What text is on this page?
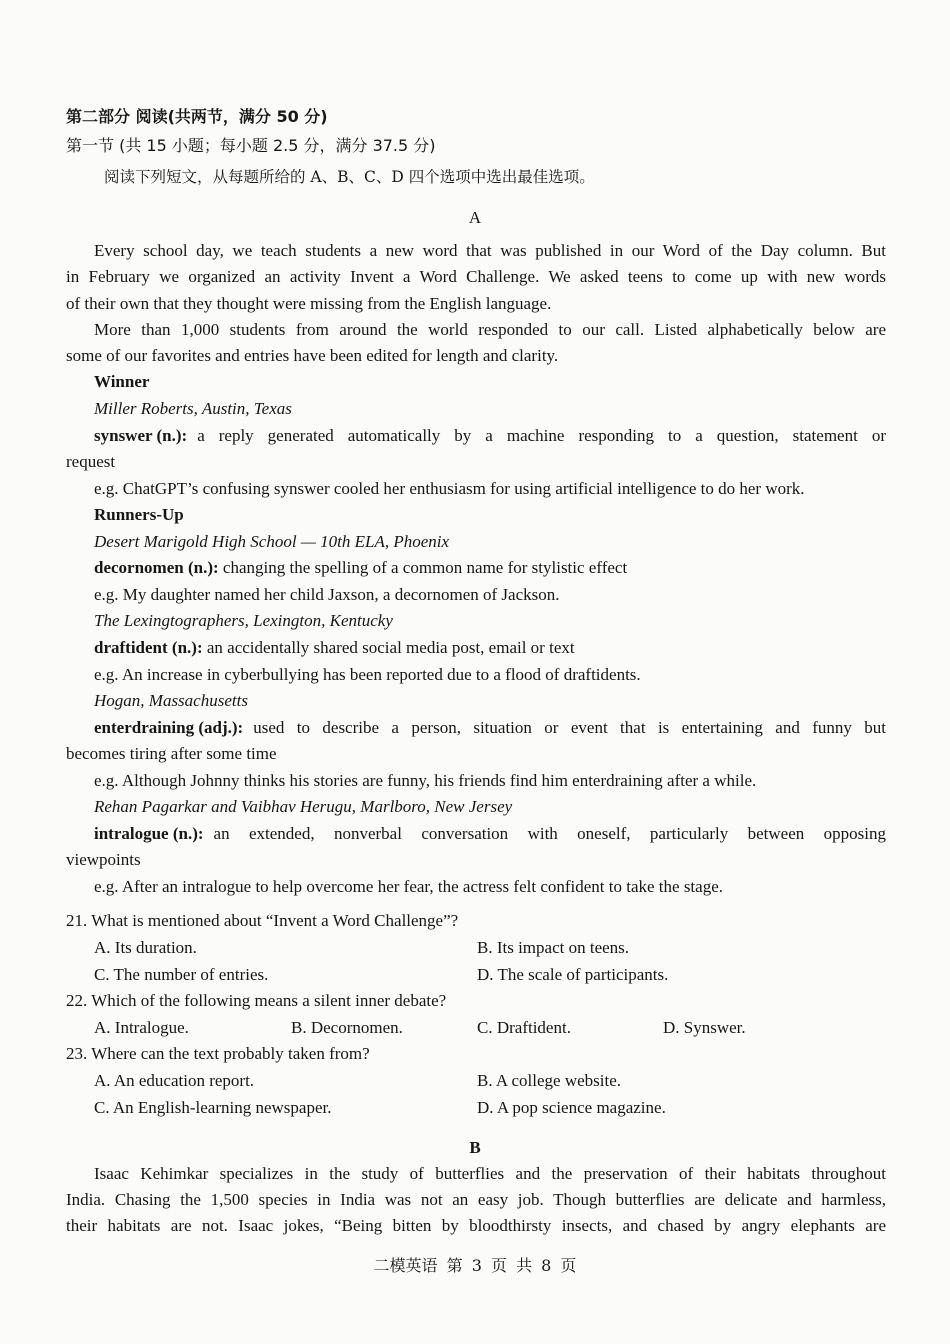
第二部分 阅读(共两节，满分 50 分)
第一节 (共 15 小题；每小题 2.5 分，满分 37.5 分)
阅读下列短文，从每题所给的 A、B、C、D 四个选项中选出最佳选项。
A
Every school day, we teach students a new word that was published in our Word of the Day column. But
in February we organized an activity Invent a Word Challenge. We asked teens to come up with new words
of their own that they thought were missing from the English language.
More than 1,000 students from around the world responded to our call. Listed alphabetically below are
some of our favorites and entries have been edited for length and clarity.
Winner
Miller Roberts, Austin, Texas
synswer (n.): a reply generated automatically by a machine responding to a question, statement or
request
e.g. ChatGPT’s confusing synswer cooled her enthusiasm for using artificial intelligence to do her work.
Runners-Up
Desert Marigold High School — 10th ELA, Phoenix
decornomen (n.): changing the spelling of a common name for stylistic effect
e.g. My daughter named her child Jaxson, a decornomen of Jackson.
The Lexingtographers, Lexington, Kentucky
draftident (n.): an accidentally shared social media post, email or text
e.g. An increase in cyberbullying has been reported due to a flood of draftidents.
Hogan, Massachusetts
enterdraining (adj.): used to describe a person, situation or event that is entertaining and funny but
becomes tiring after some time
e.g. Although Johnny thinks his stories are funny, his friends find him enterdraining after a while.
Rehan Pagarkar and Vaibhav Herugu, Marlboro, New Jersey
intralogue (n.): an extended, nonverbal conversation with oneself, particularly between opposing
viewpoints
e.g. After an intralogue to help overcome her fear, the actress felt confident to take the stage.
21. What is mentioned about “Invent a Word Challenge”?
A. Its duration.	B. Its impact on teens.
C. The number of entries.	D. The scale of participants.
22. Which of the following means a silent inner debate?
A. Intralogue.	B. Decornomen.	C. Draftident.	D. Synswer.
23. Where can the text probably taken from?
A. An education report.	B. A college website.
C. An English-learning newspaper.	D. A pop science magazine.
B
Isaac Kehimkar specializes in the study of butterflies and the preservation of their habitats throughout
India. Chasing the 1,500 species in India was not an easy job. Though butterflies are delicate and harmless,
their habitats are not. Isaac jokes, “Being bitten by bloodthirsty insects, and chased by angry elephants are
二模英语 第 3 页 共 8 页
